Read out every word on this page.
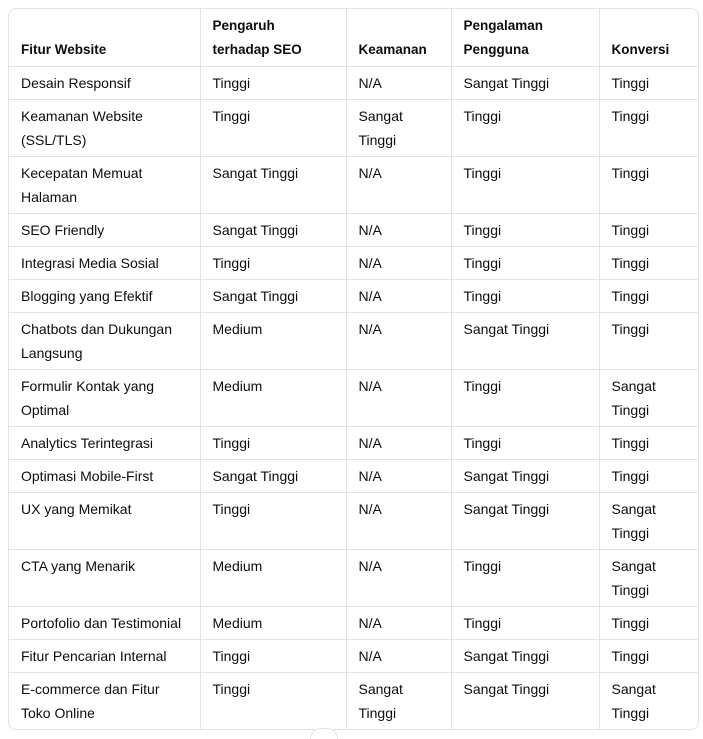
Fitur Website	Pengaruh terhadap SEO	Keamanan	Pengalaman Pengguna	Konversi
Desain Responsif	Tinggi	N/A	Sangat Tinggi	Tinggi
Keamanan Website (SSL/TLS)	Tinggi	Sangat Tinggi	Tinggi	Tinggi
Kecepatan Memuat Halaman	Sangat Tinggi	N/A	Tinggi	Tinggi
SEO Friendly	Sangat Tinggi	N/A	Tinggi	Tinggi
Integrasi Media Sosial	Tinggi	N/A	Tinggi	Tinggi
Blogging yang Efektif	Sangat Tinggi	N/A	Tinggi	Tinggi
Chatbots dan Dukungan Langsung	Medium	N/A	Sangat Tinggi	Tinggi
Formulir Kontak yang Optimal	Medium	N/A	Tinggi	Sangat Tinggi
Analytics Terintegrasi	Tinggi	N/A	Tinggi	Tinggi
Optimasi Mobile-First	Sangat Tinggi	N/A	Sangat Tinggi	Tinggi
UX yang Memikat	Tinggi	N/A	Sangat Tinggi	Sangat Tinggi
CTA yang Menarik	Medium	N/A	Tinggi	Sangat Tinggi
Portofolio dan Testimonial	Medium	N/A	Tinggi	Tinggi
Fitur Pencarian Internal	Tinggi	N/A	Sangat Tinggi	Tinggi
E-commerce dan Fitur Toko Online	Tinggi	Sangat Tinggi	Sangat Tinggi	Sangat Tinggi
